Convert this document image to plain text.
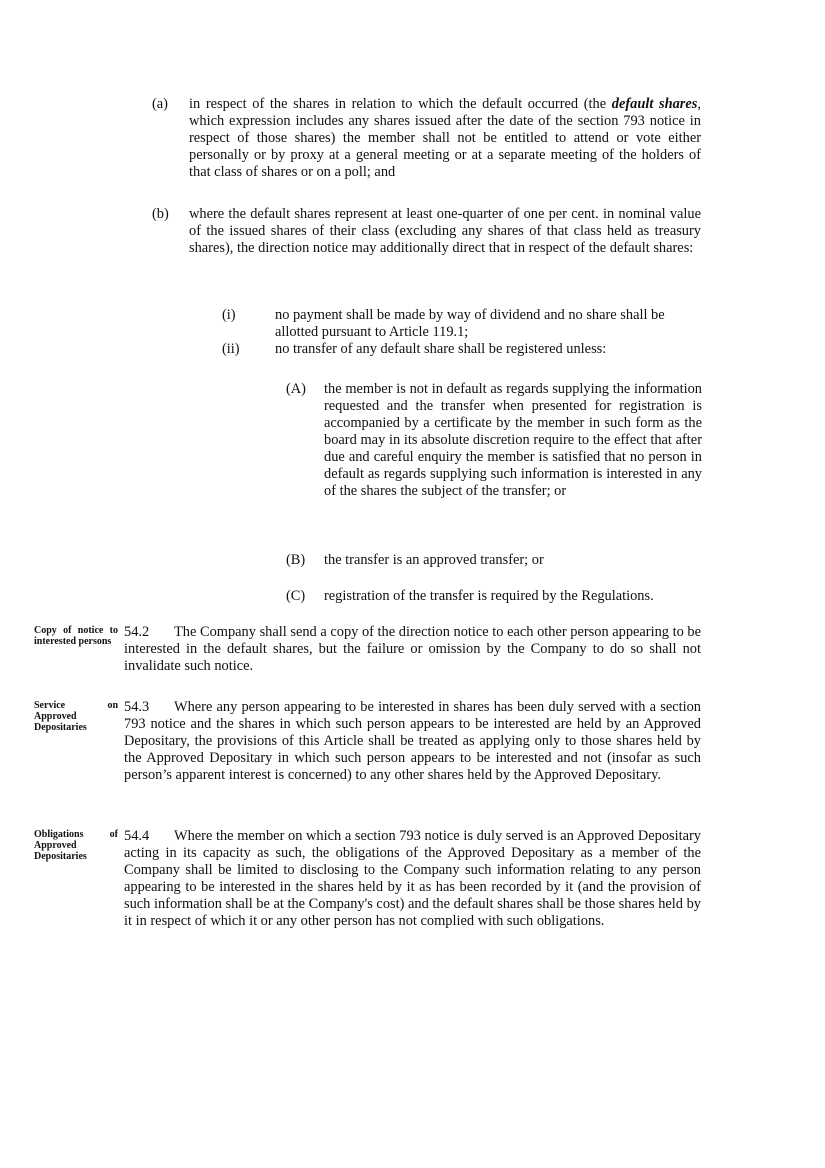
(a) in respect of the shares in relation to which the default occurred (the default shares, which expression includes any shares issued after the date of the section 793 notice in respect of those shares) the member shall not be entitled to attend or vote either personally or by proxy at a general meeting or at a separate meeting of the holders of that class of shares or on a poll; and
(b) where the default shares represent at least one-quarter of one per cent. in nominal value of the issued shares of their class (excluding any shares of that class held as treasury shares), the direction notice may additionally direct that in respect of the default shares:
(i)	no payment shall be made by way of dividend and no share shall be allotted pursuant to Article 119.1;
(ii) no transfer of any default share shall be registered unless:
(A) the member is not in default as regards supplying the information requested and the transfer when presented for registration is accompanied by a certificate by the member in such form as the board may in its absolute discretion require to the effect that after due and careful enquiry the member is satisfied that no person in default as regards supplying such information is interested in any of the shares the subject of the transfer; or
(B) the transfer is an approved transfer; or
(C) registration of the transfer is required by the Regulations.
Copy of notice to interested persons
54.2 The Company shall send a copy of the direction notice to each other person appearing to be interested in the default shares, but the failure or omission by the Company to do so shall not invalidate such notice.
Service on Approved Depositaries
54.3 Where any person appearing to be interested in shares has been duly served with a section 793 notice and the shares in which such person appears to be interested are held by an Approved Depositary, the provisions of this Article shall be treated as applying only to those shares held by the Approved Depositary in which such person appears to be interested and not (insofar as such person’s apparent interest is concerned) to any other shares held by the Approved Depositary.
Obligations of Approved Depositaries
54.4 Where the member on which a section 793 notice is duly served is an Approved Depositary acting in its capacity as such, the obligations of the Approved Depositary as a member of the Company shall be limited to disclosing to the Company such information relating to any person appearing to be interested in the shares held by it as has been recorded by it (and the provision of such information shall be at the Company's cost) and the default shares shall be those shares held by it in respect of which it or any other person has not complied with such obligations.
